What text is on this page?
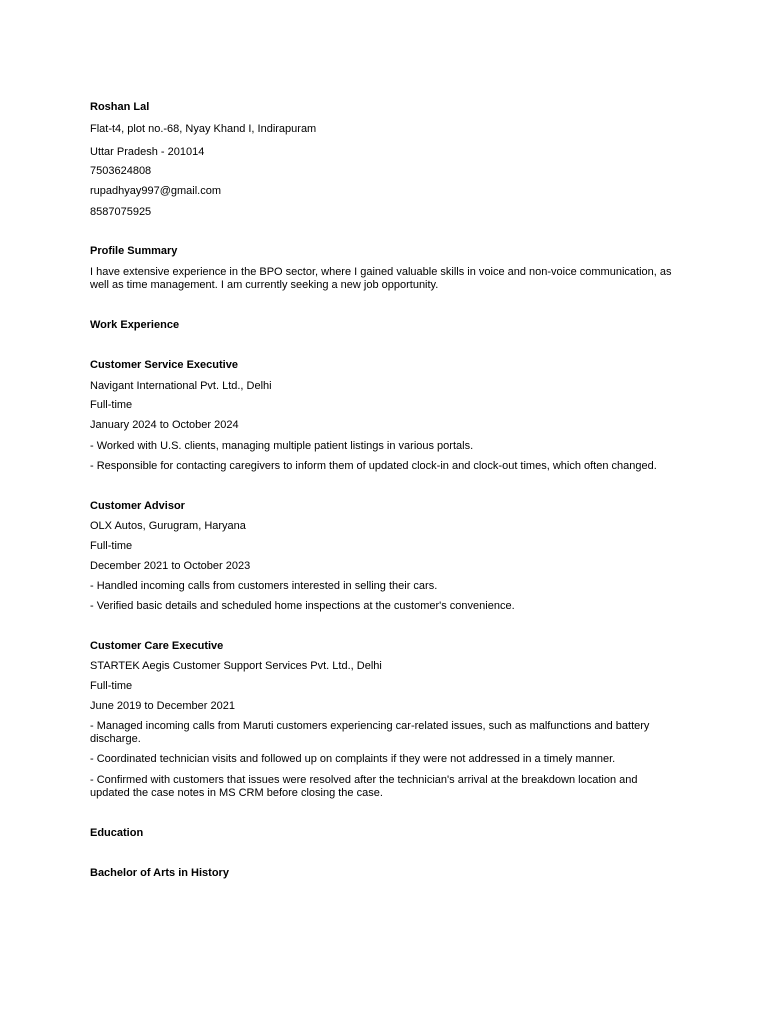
Roshan Lal
Flat-t4, plot no.-68, Nyay Khand I, Indirapuram
Uttar Pradesh - 201014
7503624808
rupadhyay997@gmail.com
8587075925
Profile Summary
I have extensive experience in the BPO sector, where I gained valuable skills in voice and non-voice communication, as well as time management. I am currently seeking a new job opportunity.
Work Experience
Customer Service Executive
Navigant International Pvt. Ltd., Delhi
Full-time
January 2024 to October 2024
- Worked with U.S. clients, managing multiple patient listings in various portals.
- Responsible for contacting caregivers to inform them of updated clock-in and clock-out times, which often changed.
Customer Advisor
OLX Autos, Gurugram, Haryana
Full-time
December 2021 to October 2023
- Handled incoming calls from customers interested in selling their cars.
- Verified basic details and scheduled home inspections at the customer's convenience.
Customer Care Executive
STARTEK Aegis Customer Support Services Pvt. Ltd., Delhi
Full-time
June 2019 to December 2021
- Managed incoming calls from Maruti customers experiencing car-related issues, such as malfunctions and battery discharge.
- Coordinated technician visits and followed up on complaints if they were not addressed in a timely manner.
- Confirmed with customers that issues were resolved after the technician's arrival at the breakdown location and updated the case notes in MS CRM before closing the case.
Education
Bachelor of Arts in History
